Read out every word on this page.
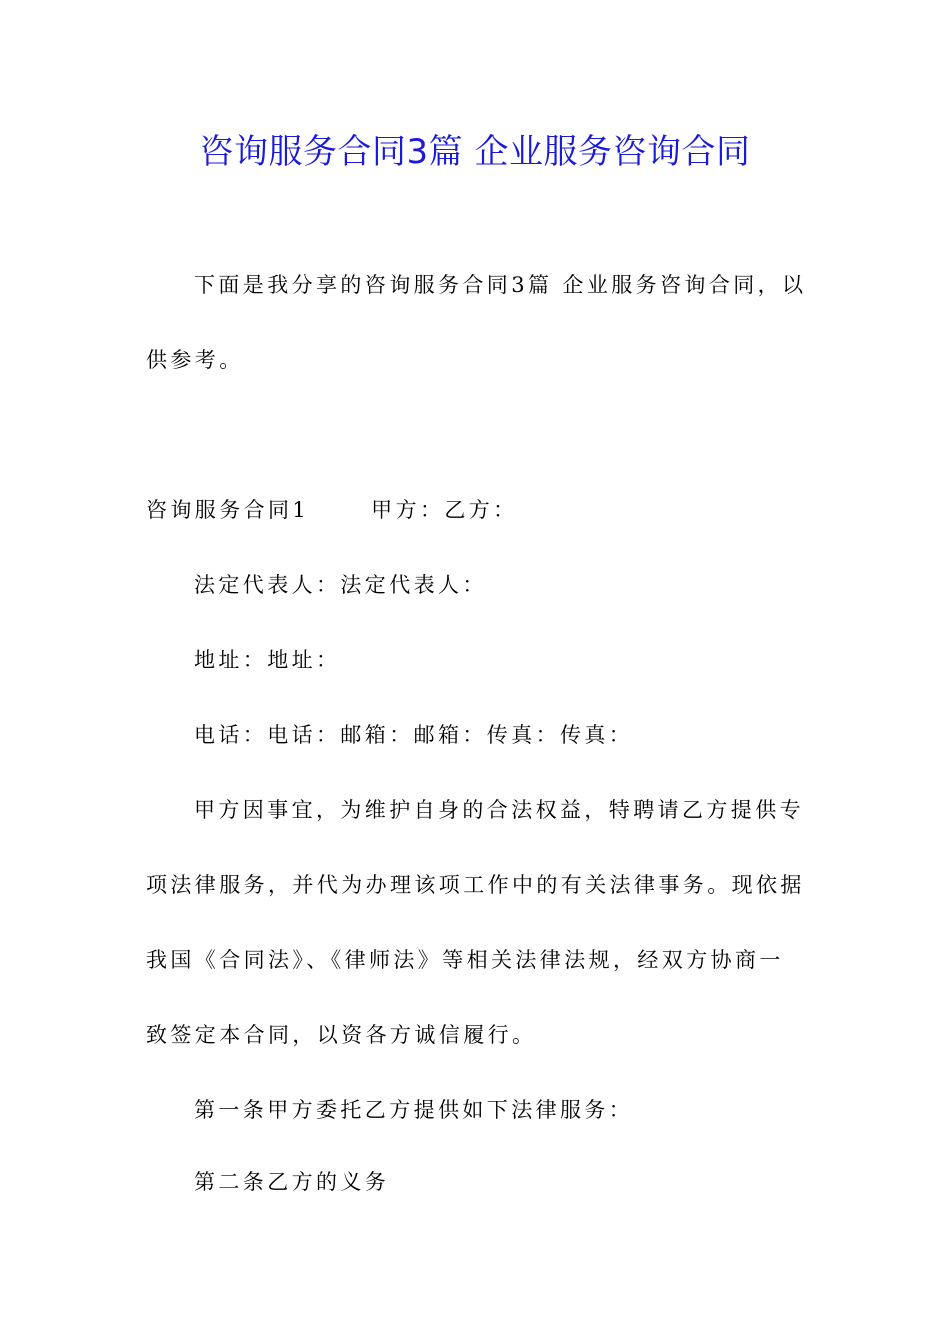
咨询服务合同3篇 企业服务咨询合同
下面是我分享的咨询服务合同3篇 企业服务咨询合同，以
供参考。
咨询服务合同1	甲方：乙方：
法定代表人：法定代表人：
地址：地址：
电话：电话：邮箱：邮箱：传真：传真：
甲方因事宜，为维护自身的合法权益，特聘请乙方提供专
项法律服务，并代为办理该项工作中的有关法律事务。现依据
我国《合同法》、《律师法》等相关法律法规，经双方协商一
致签定本合同，以资各方诚信履行。
第一条甲方委托乙方提供如下法律服务：
第二条乙方的义务
